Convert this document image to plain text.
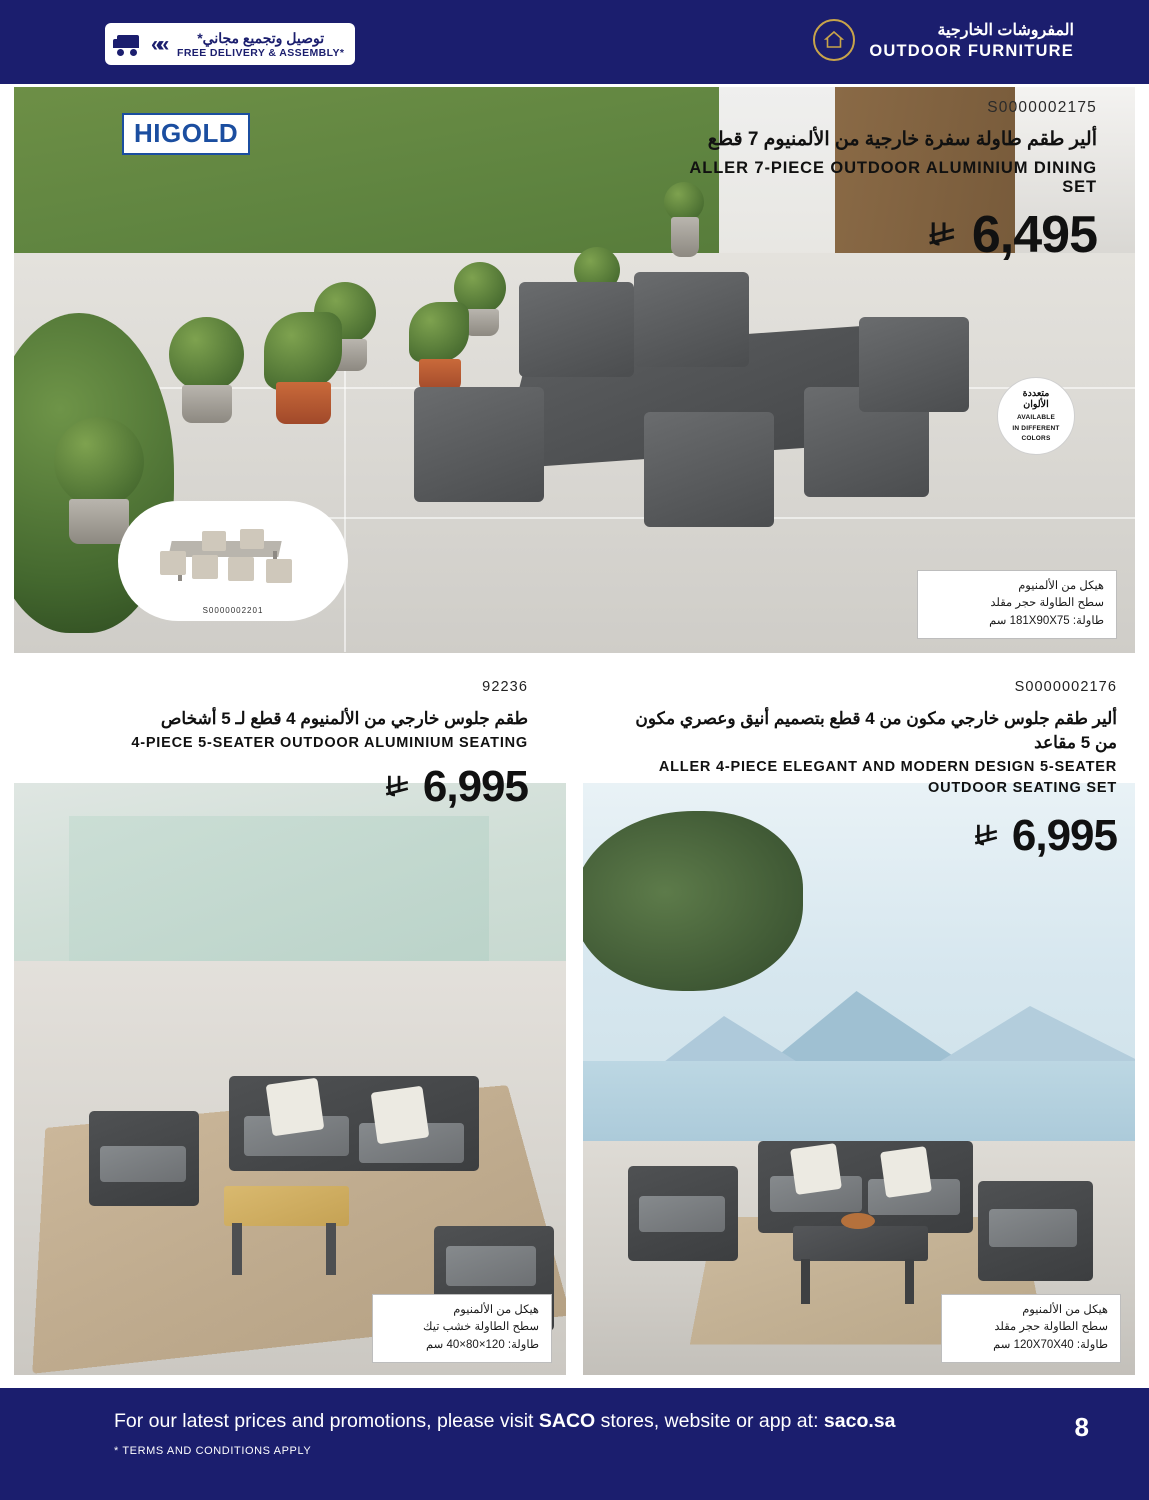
««	توصيل وتجميع مجاني*
FREE DELIVERY & ASSEMBLY*
المفروشات الخارجية
OUTDOOR FURNITURE
HIGOLD
S0000002175
ألير طقم طاولة سفرة خارجية من الألمنيوم 7 قطع
ALLER 7-PIECE OUTDOOR ALUMINIUM DINING SET
6,495
متعددة
الألوان
AVAILABLE
IN DIFFERENT
COLORS
S0000002201
هيكل من الألمنيوم
سطح الطاولة حجر مقلد
طاولة: 181X90X75 سم
92236
طقم جلوس خارجي من الألمنيوم 4 قطع لـ 5 أشخاص
4-PIECE 5-SEATER OUTDOOR ALUMINIUM SEATING
6,995
هيكل من الألمنيوم
سطح الطاولة خشب تيك
طاولة: 120×80×40 سم
S0000002176
ألير طقم جلوس خارجي مكون من 4 قطع بتصميم أنيق وعصري مكون من 5 مقاعد
ALLER 4-PIECE ELEGANT AND MODERN DESIGN 5-SEATER OUTDOOR SEATING SET
6,995
هيكل من الألمنيوم
سطح الطاولة حجر مقلد
طاولة: 120X70X40 سم
For our latest prices and promotions, please visit SACO stores, website or app at: saco.sa
* TERMS AND CONDITIONS APPLY
8
